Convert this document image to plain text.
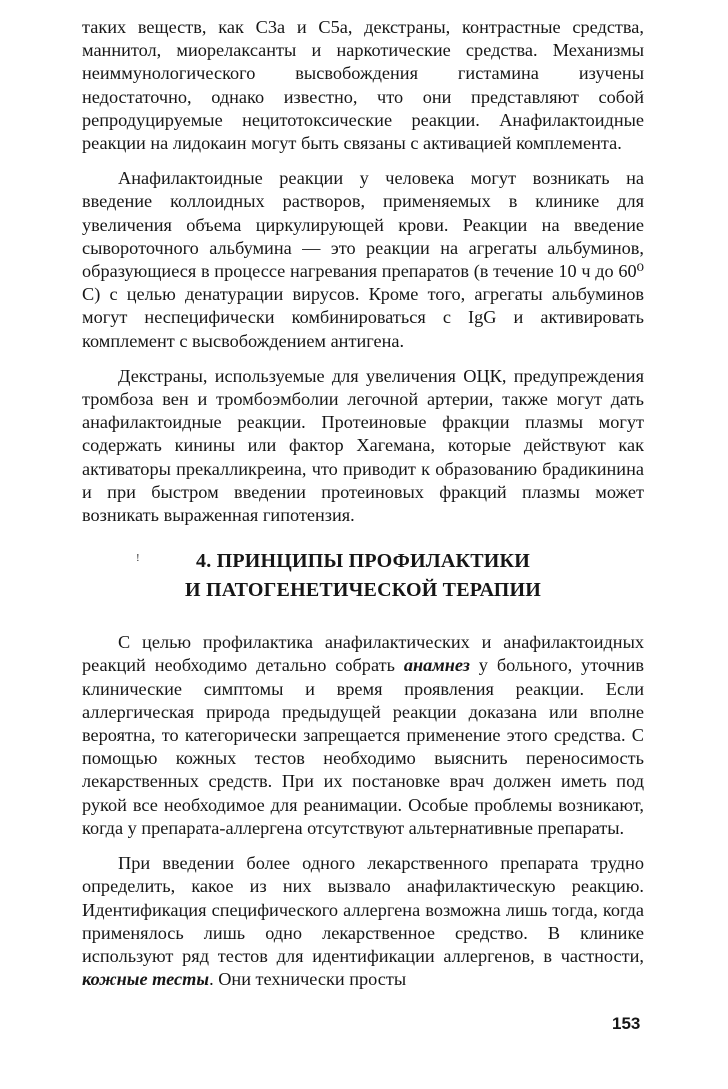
таких веществ, как С3а и С5а, декстраны, контрастные средства, маннитол, миорелаксанты и наркотические средства. Механизмы неиммунологического высвобождения гистамина изучены недостаточно, однако известно, что они представляют собой репродуцируемые нецитотоксические реакции. Анафилактоидные реакции на лидокаин могут быть связаны с активацией комплемента.

Анафилактоидные реакции у человека могут возникать на введение коллоидных растворов, применяемых в клинике для увеличения объема циркулирующей крови. Реакции на введение сывороточного альбумина — это реакции на агрегаты альбуминов, образующиеся в процессе нагревания препаратов (в течение 10 ч до 60⁰ С) с целью денатурации вирусов. Кроме того, агрегаты альбуминов могут неспецифически комбинироваться с IgG и активировать комплемент с высвобождением антигена.

Декстраны, используемые для увеличения ОЦК, предупреждения тромбоза вен и тромбоэмболии легочной артерии, также могут дать анафилактоидные реакции. Протеиновые фракции плазмы могут содержать кинины или фактор Хагемана, которые действуют как активаторы прекалликреина, что приводит к образованию брадикинина и при быстром введении протеиновых фракций плазмы может возникать выраженная гипотензия.

4. ПРИНЦИПЫ ПРОФИЛАКТИКИ
И ПАТОГЕНЕТИЧЕСКОЙ ТЕРАПИИ

С целью профилактика анафилактических и анафилактоидных реакций необходимо детально собрать анамнез у больного, уточнив клинические симптомы и время проявления реакции. Если аллергическая природа предыдущей реакции доказана или вполне вероятна, то категорически запрещается применение этого средства. С помощью кожных тестов необходимо выяснить переносимость лекарственных средств. При их постановке врач должен иметь под рукой все необходимое для реанимации. Особые проблемы возникают, когда у препарата-аллергена отсутствуют альтернативные препараты.

При введении более одного лекарственного препарата трудно определить, какое из них вызвало анафилактическую реакцию. Идентификация специфического аллергена возможна лишь тогда, когда применялось лишь одно лекарственное средство. В клинике используют ряд тестов для идентификации аллергенов, в частности, кожные тесты. Они технически просты

!
153
